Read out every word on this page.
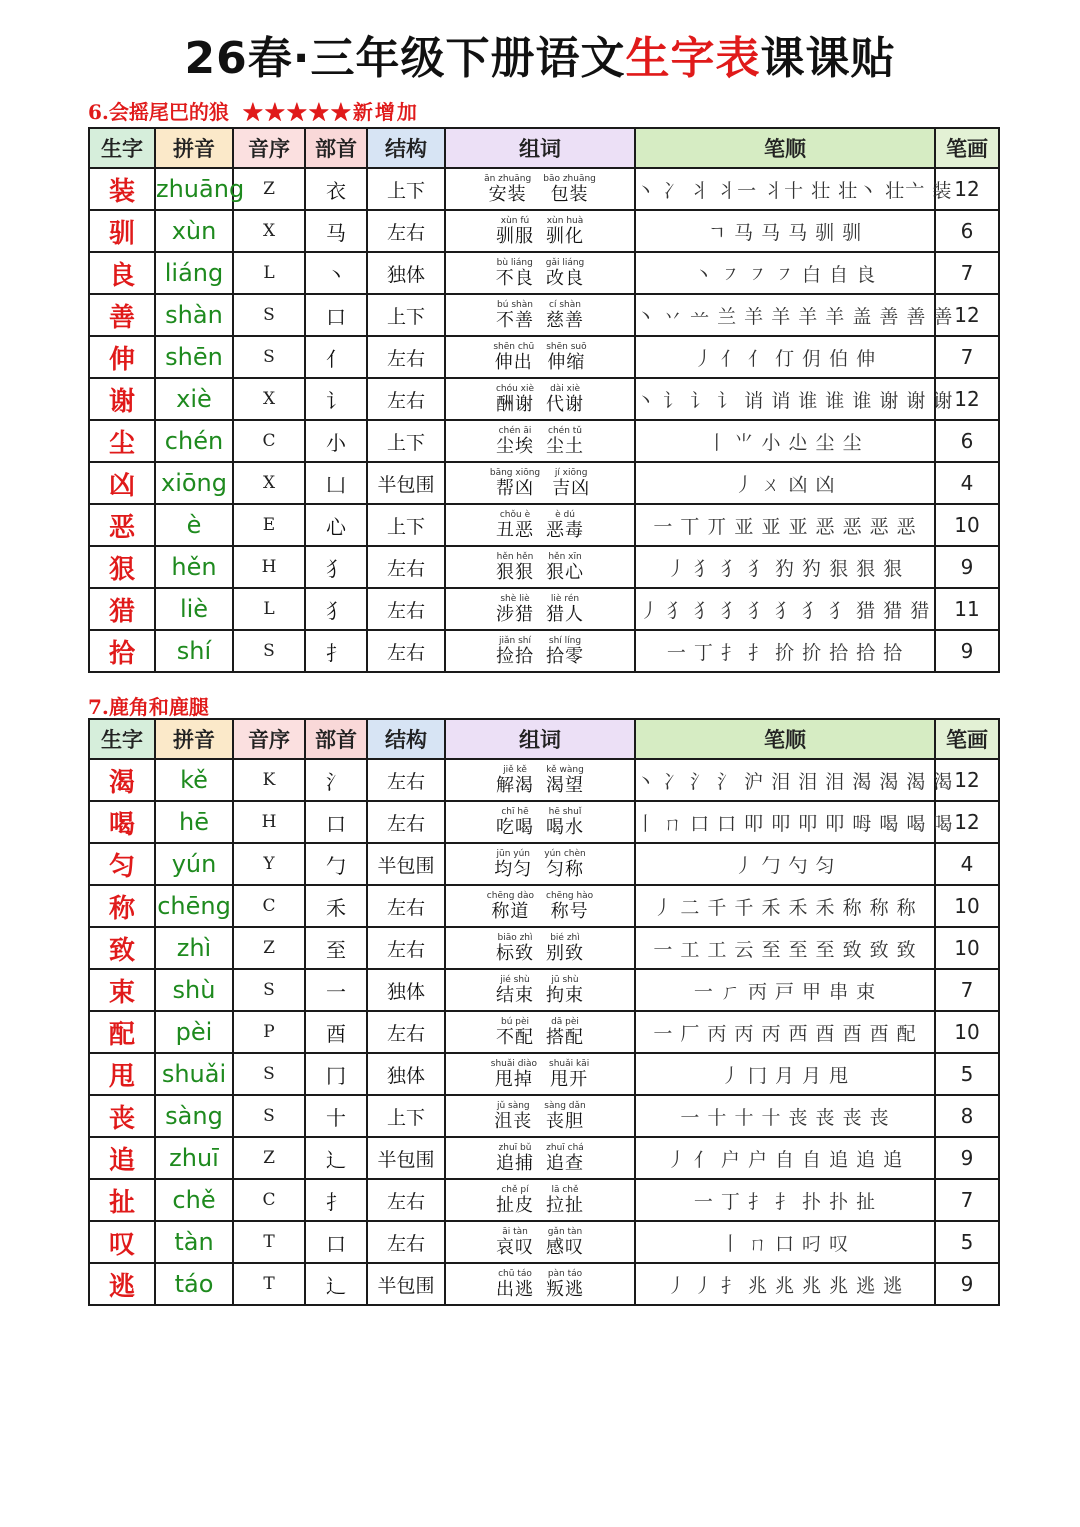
26春·三年级下册语文生字表课课贴
6.会摇尾巴的狼 ★★★★★新增加
生字	拼音	音序	部首	结构	组词	笔顺	笔画
装	zhuāng	Z	衣	上下	ān zhuāng
安装
bāo zhuāng
包装	丶 冫 丬 丬一 丬十 壮 壮丶 壮亠 装	12
驯	xùn	X	马	左右	xùn fú
驯服
xùn huà
驯化	ㄱ 马 马 马 驯 驯	6
良	liáng	L	丶	独体	bù liáng
不良
gǎi liáng
改良	丶 ㇇ ㇇ ㇇ 白 自 良	7
善	shàn	S	口	上下	bú shàn
不善
cí shàn
慈善	丶 丷 䒑 兰 羊 羊 羊 羊 盖 善 善 善	12
伸	shēn	S	亻	左右	shēn chū
伸出
shēn suō
伸缩	丿 亻 亻 仃 仴 伯 伸	7
谢	xiè	X	讠	左右	chóu xiè
酬谢
dài xiè
代谢	丶 讠 讠 讠 诮 诮 谁 谁 谁 谢 谢 谢	12
尘	chén	C	小	上下	chén āi
尘埃
chén tǔ
尘土	丨 ⺌ 小 尐 尘 尘	6
凶	xiōng	X	凵	半包围	bāng xiōng
帮凶
jí xiōng
吉凶	丿 ㄨ 凶 凶	4
恶	è	E	心	上下	chǒu è
丑恶
è dú
恶毒	一 丅 丌 亚 亚 亚 恶 恶 恶 恶	10
狠	hěn	H	犭	左右	hěn hěn
狠狠
hěn xīn
狠心	丿 犭 犭 犭 犳 犳 狠 狠 狠	9
猎	liè	L	犭	左右	shè liè
涉猎
liè rén
猎人	丿 犭 犭 犭 犭 犭 犭 犭 猎 猎 猎	11
拾	shí	S	扌	左右	jiǎn shí
捡拾
shí líng
拾零	一 丁 扌 扌 扴 扴 拾 拾 拾	9
7.鹿角和鹿腿
生字	拼音	音序	部首	结构	组词	笔顺	笔画
渴	kě	K	氵	左右	jiě kě
解渴
kě wàng
渴望	丶 冫 氵 氵 沪 泪 泪 泪 渴 渴 渴 渴	12
喝	hē	H	口	左右	chī hē
吃喝
hē shuǐ
喝水	丨 ㄇ 口 口 叩 叩 叩 叩 呣 喝 喝 喝	12
匀	yún	Y	勹	半包围	jūn yún
均匀
yún chèn
匀称	丿 勹 勺 匀	4
称	chēng	C	禾	左右	chēng dào
称道
chēng hào
称号	丿 二 千 千 禾 禾 禾 称 称 称	10
致	zhì	Z	至	左右	biāo zhì
标致
bié zhì
别致	一 工 工 云 至 至 至 致 致 致	10
束	shù	S	一	独体	jié shù
结束
jū shù
拘束	一 ㄏ 丙 戸 甲 串 束	7
配	pèi	P	酉	左右	bú pèi
不配
dā pèi
搭配	一 厂 丙 丙 丙 西 酉 酉 酉 配	10
甩	shuǎi	S	冂	独体	shuǎi diào
甩掉
shuǎi kāi
甩开	丿 冂 月 月 甩	5
丧	sàng	S	十	上下	jǔ sàng
沮丧
sàng dǎn
丧胆	一 十 十 十 丧 丧 丧 丧	8
追	zhuī	Z	辶	半包围	zhuī bǔ
追捕
zhuī chá
追查	丿 亻 户 户 自 自 追 追 追	9
扯	chě	C	扌	左右	chě pí
扯皮
lā chě
拉扯	一 丁 扌 扌 扑 扑 扯	7
叹	tàn	T	口	左右	āi tàn
哀叹
gǎn tàn
感叹	丨 ㄇ 口 叼 叹	5
逃	táo	T	辶	半包围	chū táo
出逃
pàn táo
叛逃	丿 丿 扌 兆 兆 兆 兆 逃 逃	9
